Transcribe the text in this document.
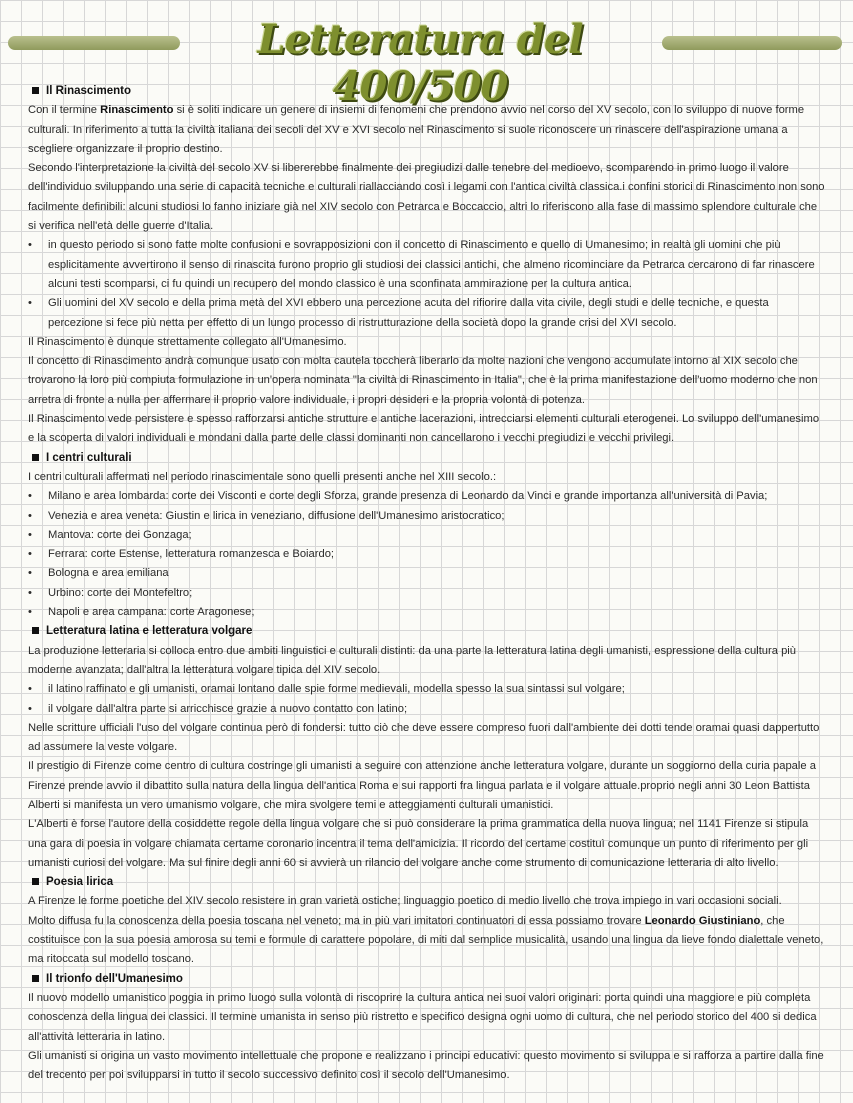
Letteratura del 400/500
Il Rinascimento

Con il termine Rinascimento si è soliti indicare un genere di insiemi di fenomeni che prendono avvio nel corso del XV secolo, con lo sviluppo di nuove forme culturali. In riferimento a tutta la civiltà italiana dei secoli del XV e XVI secolo nel Rinascimento si suole riconoscere un rinascere dell'aspirazione umana a scegliere organizzare il proprio destino.

Secondo l'interpretazione la civiltà del secolo XV si libererebbe finalmente dei pregiudizi dalle tenebre del medioevo, scomparendo in primo luogo il valore dell'individuo sviluppando una serie di capacità tecniche e culturali riallacciando così i legami con l'antica civiltà classica.i confini storici di Rinascimento non sono facilmente definibili: alcuni studiosi lo fanno iniziare già nel XIV secolo con Petrarca e Boccaccio, altri lo riferiscono alla fase di massimo splendore culturale che si verifica nell'età delle guerre d'Italia.

• in questo periodo si sono fatte molte confusioni e sovrapposizioni con il concetto di Rinascimento e quello di Umanesimo; in realtà gli uomini che più esplicitamente avvertirono il senso di rinascita furono proprio gli studiosi dei classici antichi, che almeno ricominciare da Petrarca cercarono di far rinascere alcuni testi scomparsi, ci fu quindi un recupero del mondo classico è una sconfinata ammirazione per la cultura antica.
• Gli uomini del XV secolo e della prima metà del XVI ebbero una percezione acuta del rifiorire dalla vita civile, degli studi e delle tecniche, e questa percezione si fece più netta per effetto di un lungo processo di ristrutturazione della società dopo la grande crisi del XVI secolo.

Il Rinascimento è dunque strettamente collegato all'Umanesimo.

Il concetto di Rinascimento andrà comunque usato con molta cautela toccherà liberarlo da molte nazioni che vengono accumulate intorno al XIX secolo che trovarono la loro più compiuta formulazione in un'opera nominata "la civiltà di Rinascimento in Italia", che è la prima manifestazione dell'uomo moderno che non arretra di fronte a nulla per affermare il proprio valore individuale, i propri desideri e la propria volontà di potenza.

Il Rinascimento vede persistere e spesso rafforzarsi antiche strutture e antiche lacerazioni, intrecciarsi elementi culturali eterogenei. Lo sviluppo dell'umanesimo e la scoperta di valori individuali e mondani dalla parte delle classi dominanti non cancellarono i vecchi pregiudizi e vecchi privilegi.

I centri culturali

I centri culturali affermati nel periodo rinascimentale sono quelli presenti anche nel XIII secolo.:

• Milano e area lombarda: corte dei Visconti e corte degli Sforza, grande presenza di Leonardo da Vinci e grande importanza all'università di Pavia;
• Venezia e area veneta: Giustin e lirica in veneziano, diffusione dell'Umanesimo aristocratico;
• Mantova: corte dei Gonzaga;
• Ferrara: corte Estense, letteratura romanzesca e Boiardo;
• Bologna e area emiliana
• Urbino: corte dei Montefeltro;
• Napoli e area campana: corte Aragonese;
Letteratura latina e letteratura volgare

La produzione letteraria si colloca entro due ambiti linguistici e culturali distinti: da una parte la letteratura latina degli umanisti, espressione della cultura più moderne avanzata; dall'altra la letteratura volgare tipica del XIV secolo.

• il latino raffinato e gli umanisti, oramai lontano dalle spie forme medievali, modella spesso la sua sintassi sul volgare;
• il volgare dall'altra parte si arricchisce grazie a nuovo contatto con latino;

Nelle scritture ufficiali l'uso del volgare continua però di fondersi: tutto ciò che deve essere compreso fuori dall'ambiente dei dotti tende oramai quasi dappertutto ad assumere la veste volgare.

Il prestigio di Firenze come centro di cultura costringe gli umanisti a seguire con attenzione anche letteratura volgare, durante un soggiorno della curia papale a Firenze prende avvio il dibattito sulla natura della lingua dell'antica Roma e sui rapporti fra lingua parlata e il volgare attuale.proprio negli anni 30 Leon Battista Alberti si manifesta un vero umanismo volgare, che mira svolgere temi e atteggiamenti culturali umanistici.

L'Alberti è forse l'autore della cosiddette regole della lingua volgare che si può considerare la prima grammatica della nuova lingua; nel 1141 Firenze si stipula una gara di poesia in volgare chiamata certame coronario incentra il tema dell'amicizia. Il ricordo del certame costituì comunque un punto di riferimento per gli umanisti curiosi del volgare. Ma sul finire degli anni 60 si avvierà un rilancio del volgare anche come strumento di comunicazione letteraria di alto livello.

Poesia lirica

A Firenze le forme poetiche del XIV secolo resistere in gran varietà ostiche; linguaggio poetico di medio livello che trova impiego in vari occasioni sociali.

Molto diffusa fu la conoscenza della poesia toscana nel veneto; ma in più vari imitatori continuatori di essa possiamo trovare Leonardo Giustiniano, che costituisce con la sua poesia amorosa su temi e formule di carattere popolare, di miti dal semplice musicalità, usando una lingua da lieve fondo dialettale veneto, ma ritoccata sul modello toscano.

Il trionfo dell'Umanesimo

Il nuovo modello umanistico poggia in primo luogo sulla volontà di riscoprire la cultura antica nei suoi valori originari: porta quindi una maggiore e più completa conoscenza della lingua dei classici. Il termine umanista in senso più ristretto e specifico designa ogni uomo di cultura, che nel periodo storico del 400 si dedica all'attività letteraria in latino.

Gli umanisti si origina un vasto movimento intellettuale che propone e realizzano i principi educativi: questo movimento si sviluppa e si rafforza a partire dalla fine del trecento per poi svilupparsi in tutto il secolo successivo definito così il secolo dell'Umanesimo.
